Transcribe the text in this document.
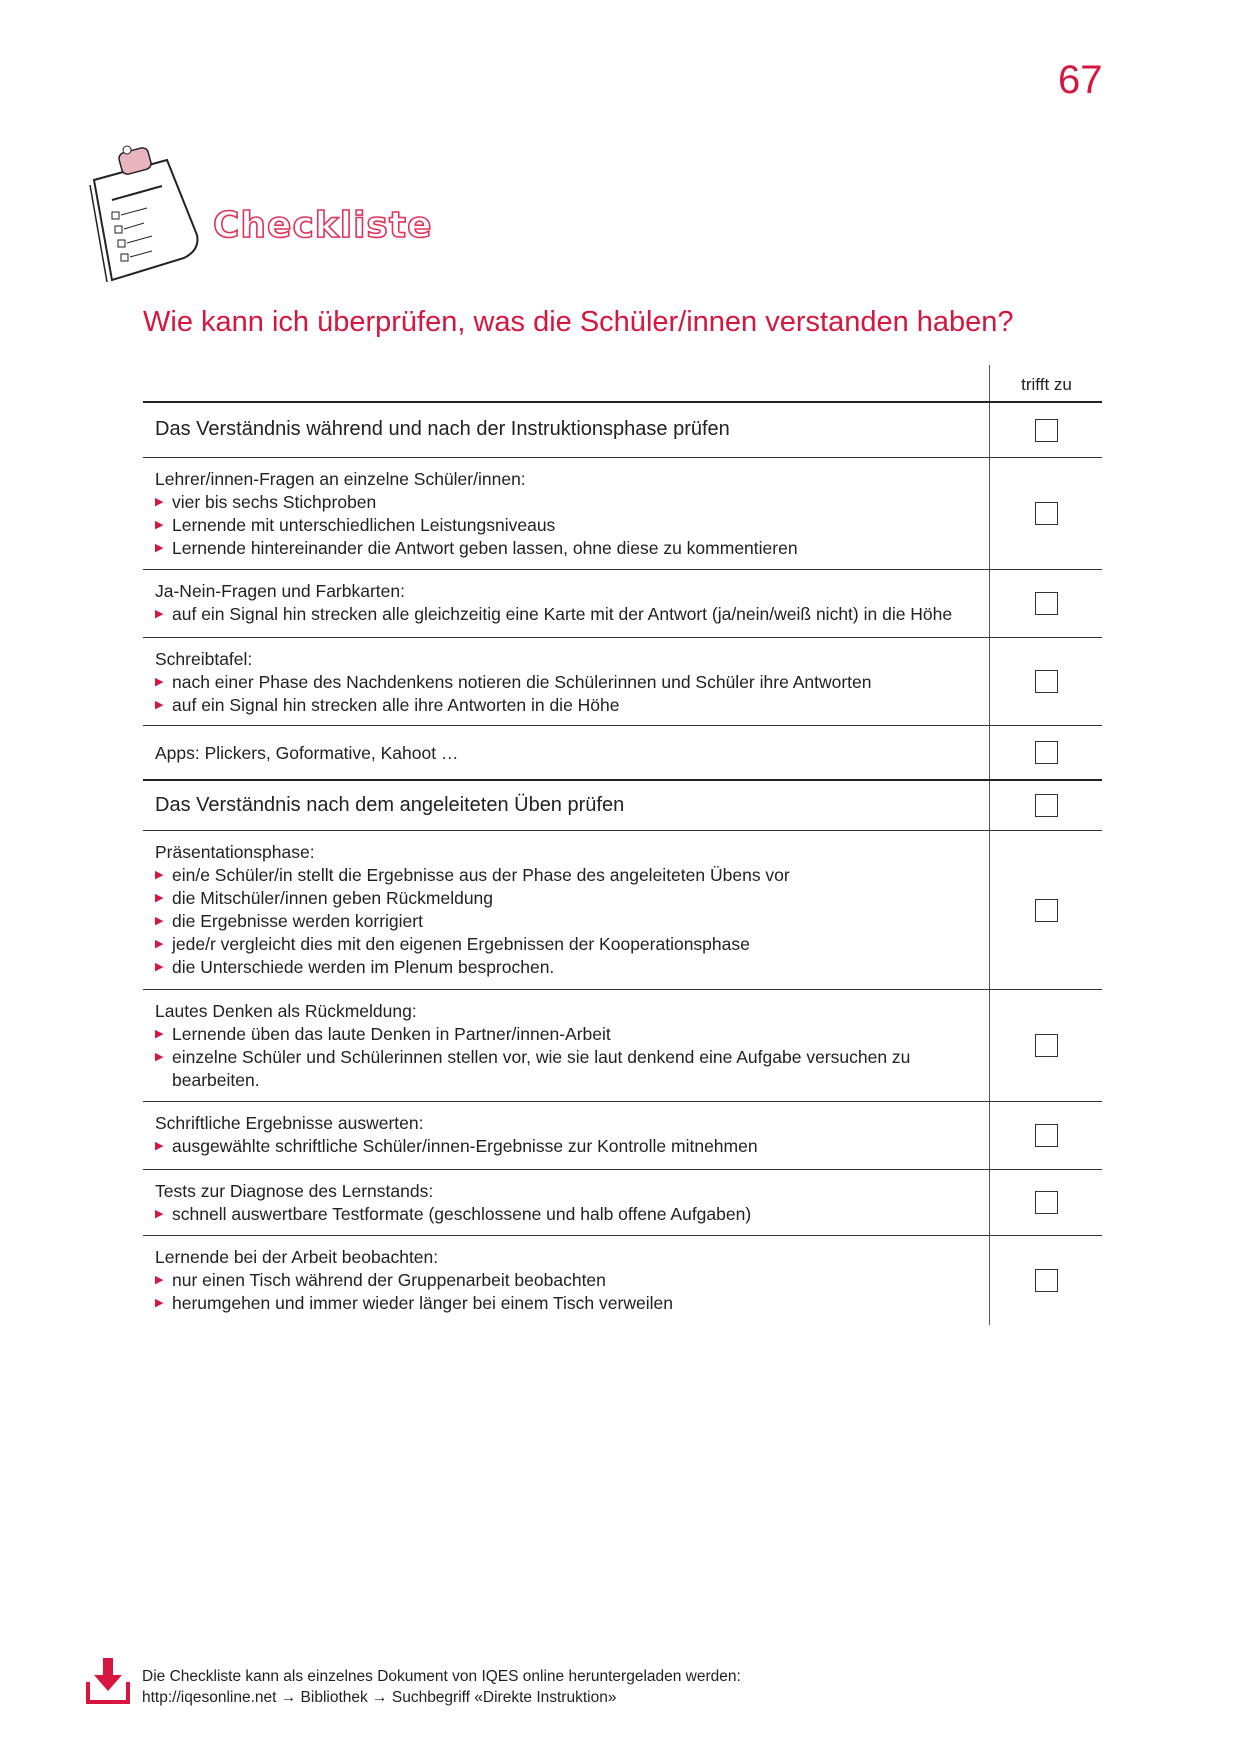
67
Checkliste
Wie kann ich überprüfen, was die Schüler/innen verstanden haben?
trifft zu
Das Verständnis während und nach der Instruktionsphase prüfen
Lehrer/innen-Fragen an einzelne Schüler/innen:
▶ vier bis sechs Stichproben
▶ Lernende mit unterschiedlichen Leistungsniveaus
▶ Lernende hintereinander die Antwort geben lassen, ohne diese zu kommentieren
Ja-Nein-Fragen und Farbkarten:
▶ auf ein Signal hin strecken alle gleichzeitig eine Karte mit der Antwort (ja/nein/weiß nicht) in die Höhe
Schreibtafel:
▶ nach einer Phase des Nachdenkens notieren die Schülerinnen und Schüler ihre Antworten
▶ auf ein Signal hin strecken alle ihre Antworten in die Höhe
Apps: Plickers, Goformative, Kahoot …
Das Verständnis nach dem angeleiteten Üben prüfen
Präsentationsphase:
▶ ein/e Schüler/in stellt die Ergebnisse aus der Phase des angeleiteten Übens vor
▶ die Mitschüler/innen geben Rückmeldung
▶ die Ergebnisse werden korrigiert
▶ jede/r vergleicht dies mit den eigenen Ergebnissen der Kooperationsphase
▶ die Unterschiede werden im Plenum besprochen.
Lautes Denken als Rückmeldung:
▶ Lernende üben das laute Denken in Partner/innen-Arbeit
▶ einzelne Schüler und Schülerinnen stellen vor, wie sie laut denkend eine Aufgabe versuchen zu bearbeiten.
Schriftliche Ergebnisse auswerten:
▶ ausgewählte schriftliche Schüler/innen-Ergebnisse zur Kontrolle mitnehmen
Tests zur Diagnose des Lernstands:
▶ schnell auswertbare Testformate (geschlossene und halb offene Aufgaben)
Lernende bei der Arbeit beobachten:
▶ nur einen Tisch während der Gruppenarbeit beobachten
▶ herumgehen und immer wieder länger bei einem Tisch verweilen
Die Checkliste kann als einzelnes Dokument von IQES online heruntergeladen werden:
http://iqesonline.net → Bibliothek → Suchbegriff «Direkte Instruktion»
